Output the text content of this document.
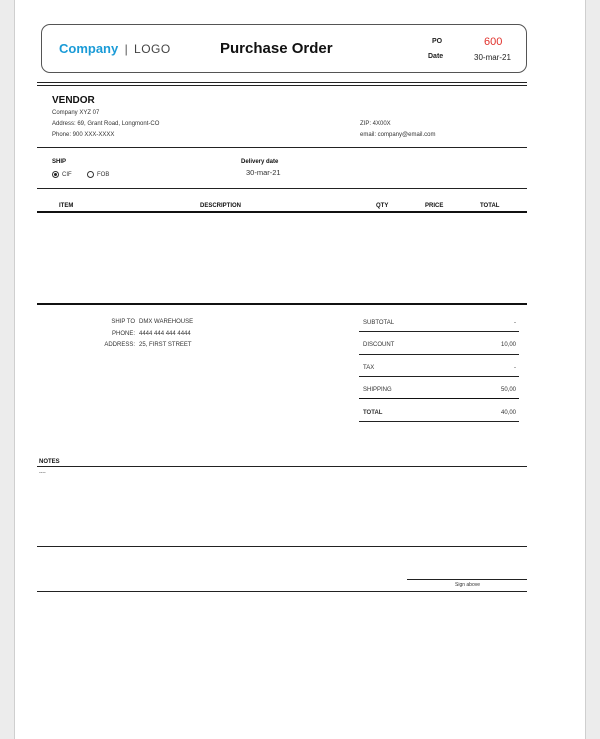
Company | LOGO	Purchase Order	PO	600
Date	30-mar-21
VENDOR
Company XYZ 07
Address: 69, Grant Road, Longmont-CO
Phone: 900 XXX-XXXX
ZIP: 4X00X
email: company@email.com
SHIP
CIF	FOB
Delivery date
30-mar-21
ITEM	DESCRIPTION	QTY	PRICE	TOTAL
SHIP TO DMX WAREHOUSE
PHONE: 4444 444 444 4444
ADDRESS: 25, FIRST STREET
SUBTOTAL	-
DISCOUNT	10,00
TAX	-
SHIPPING	50,00
TOTAL	40,00
NOTES
----
Sign above
